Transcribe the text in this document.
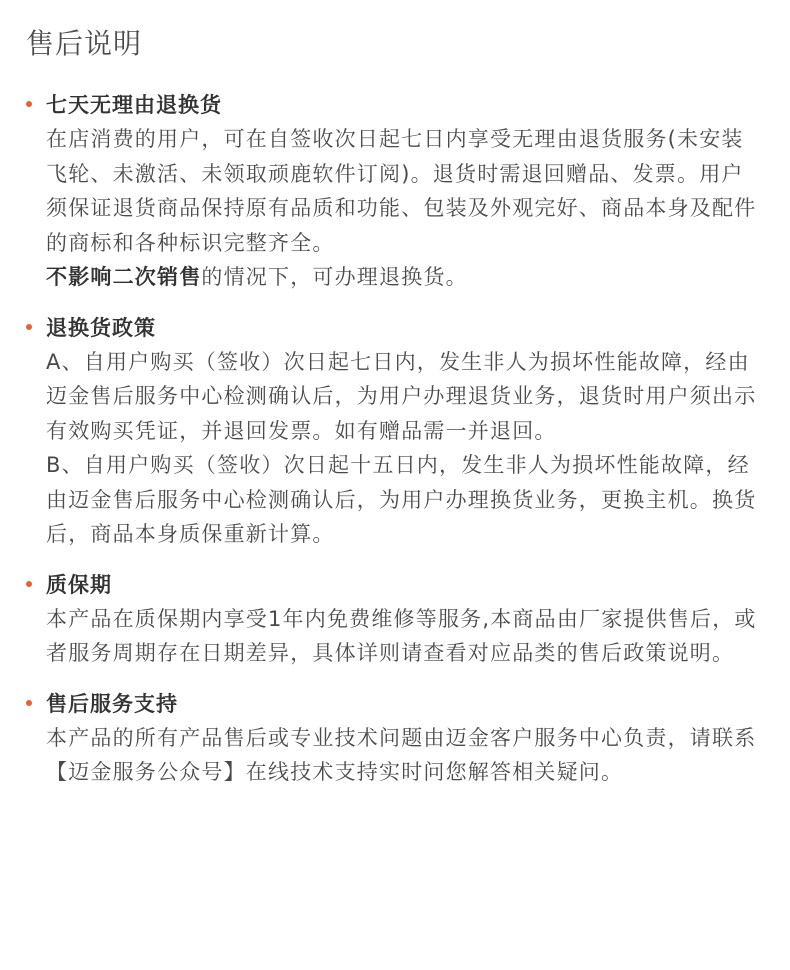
售后说明
七天无理由退换货
在店消费的用户，可在自签收次日起七日内享受无理由退货服务(未安装飞轮、未激活、未领取顽鹿软件订阅)。退货时需退回赠品、发票。用户须保证退货商品保持原有品质和功能、包装及外观完好、商品本身及配件的商标和各种标识完整齐全。
不影响二次销售的情况下，可办理退换货。
退换货政策
A、自用户购买（签收）次日起七日内，发生非人为损坏性能故障，经由迈金售后服务中心检测确认后，为用户办理退货业务，退货时用户须出示有效购买凭证，并退回发票。如有赠品需一并退回。
B、自用户购买（签收）次日起十五日内，发生非人为损坏性能故障，经由迈金售后服务中心检测确认后，为用户办理换货业务，更换主机。换货后，商品本身质保重新计算。
质保期
本产品在质保期内享受1年内免费维修等服务,本商品由厂家提供售后，或者服务周期存在日期差异，具体详则请查看对应品类的售后政策说明。
售后服务支持
本产品的所有产品售后或专业技术问题由迈金客户服务中心负责，请联系【迈金服务公众号】在线技术支持实时问您解答相关疑问。
